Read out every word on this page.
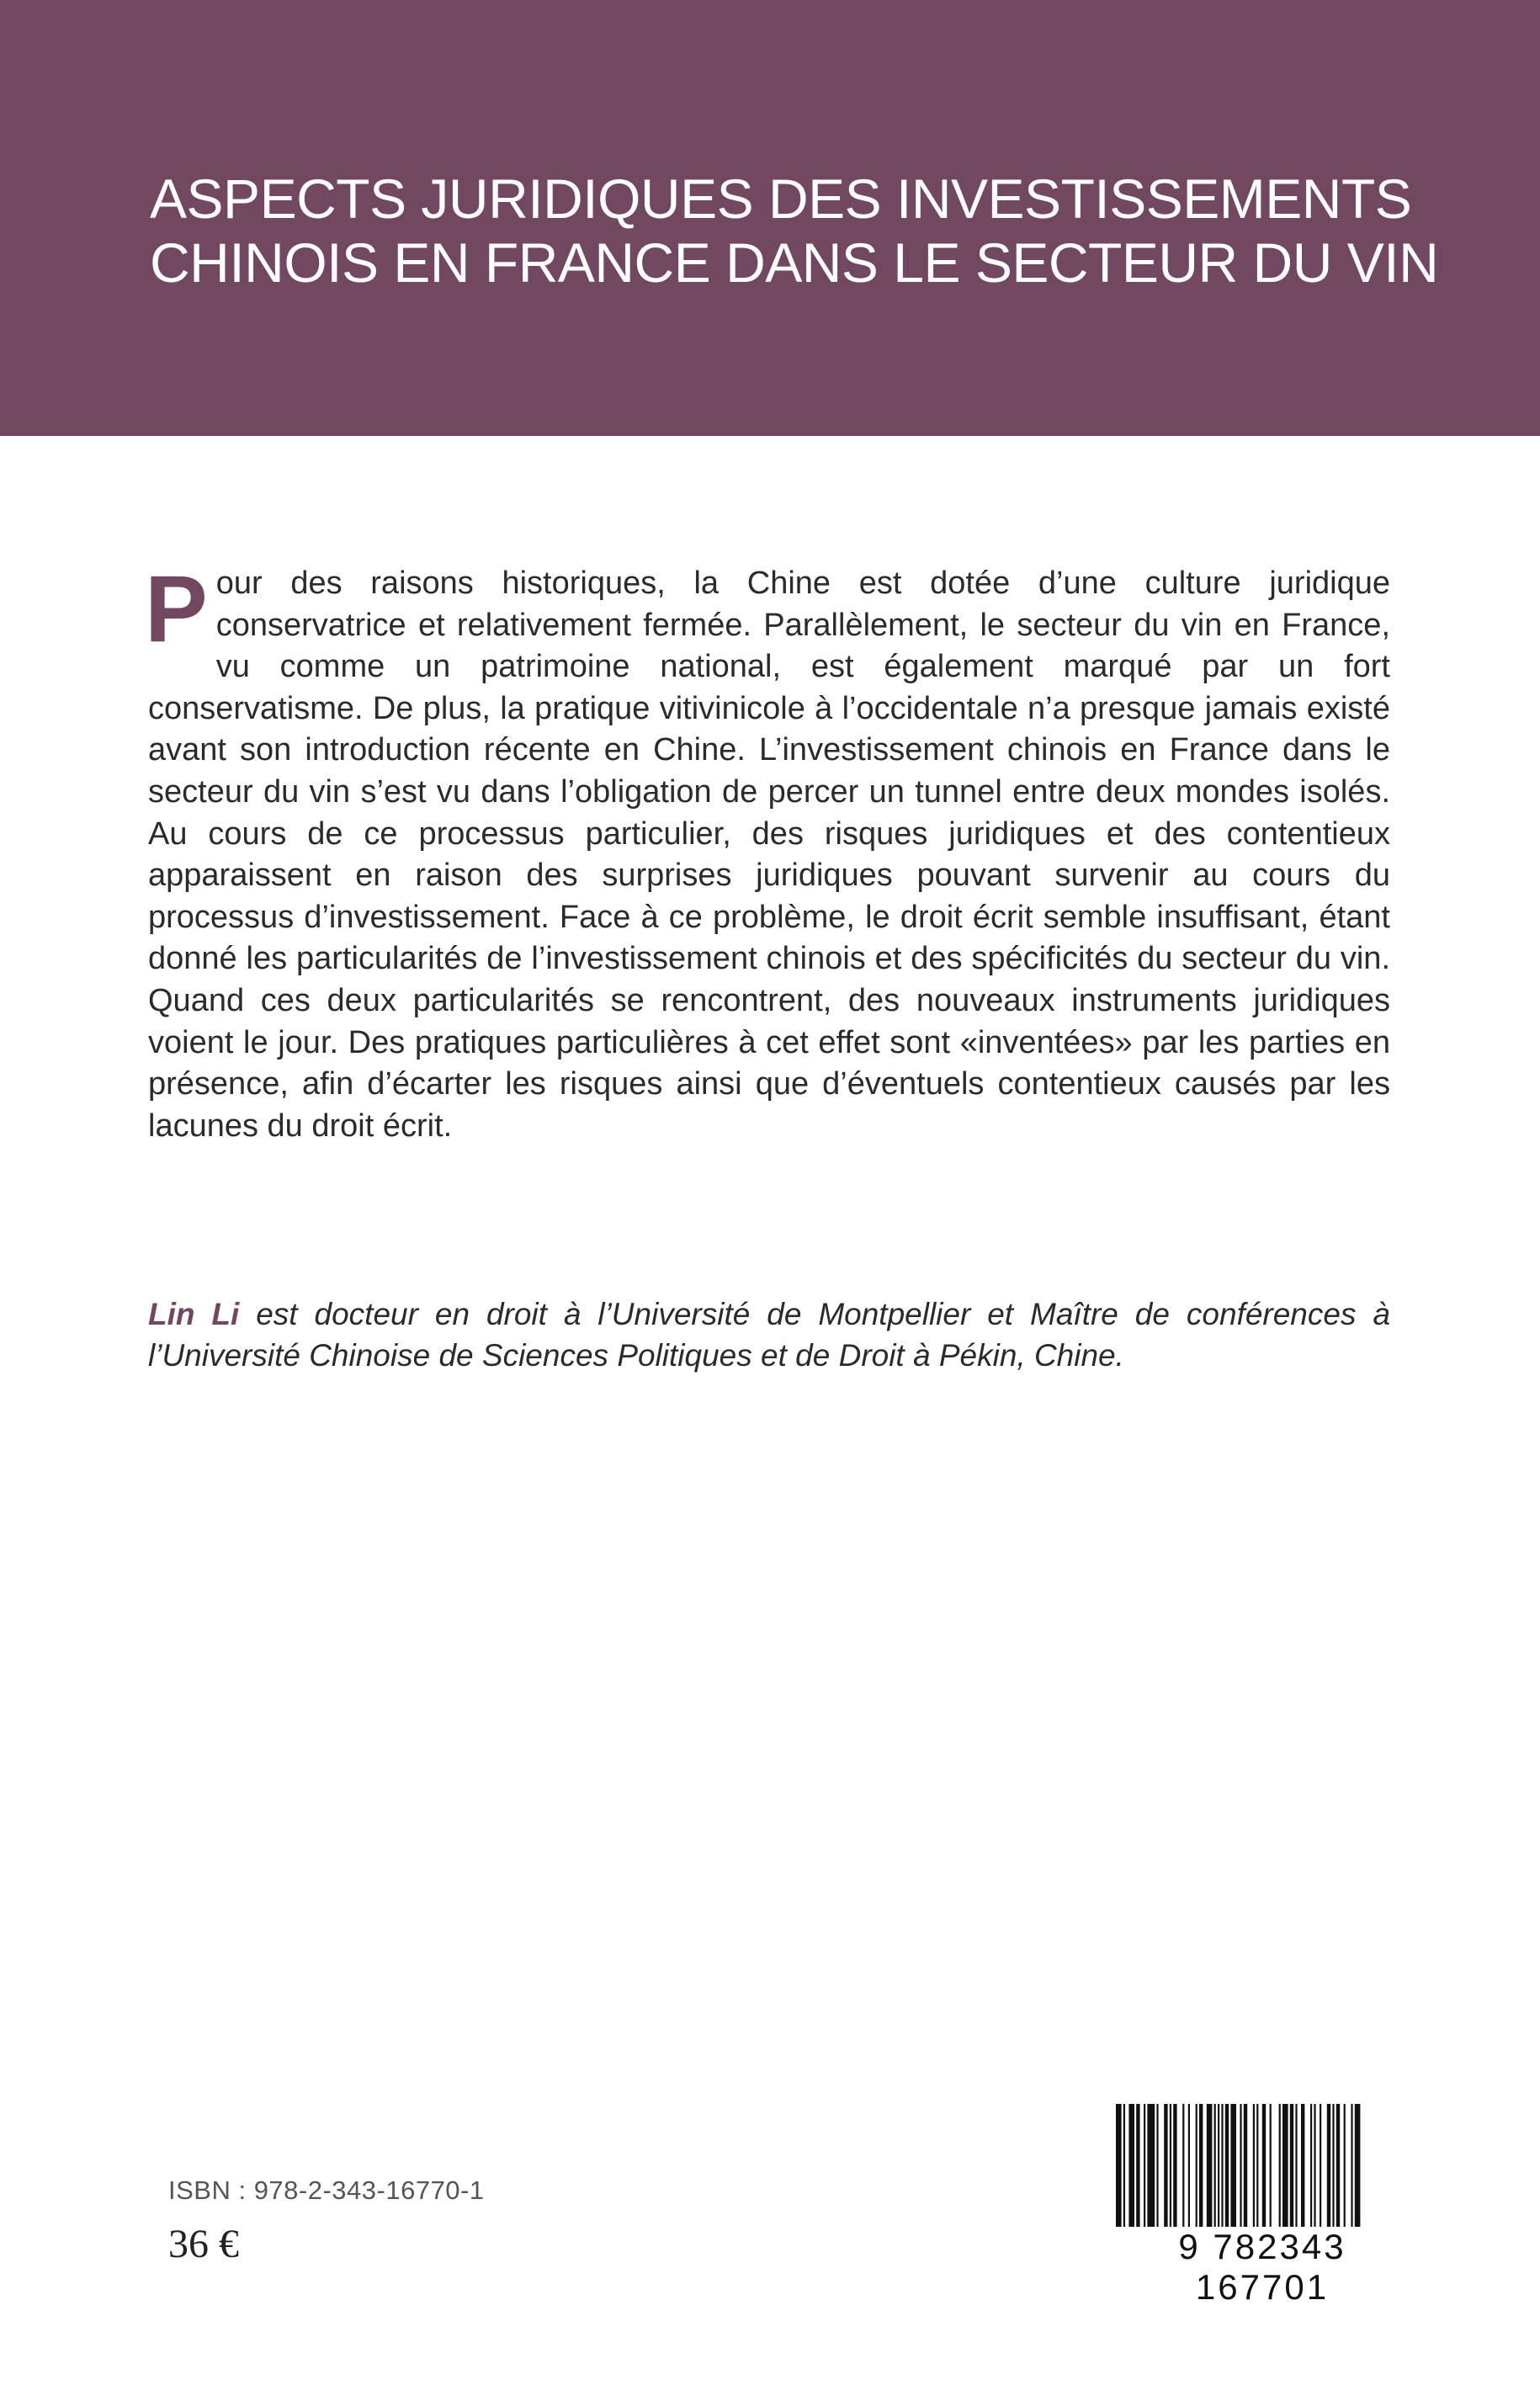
ASPECTS JURIDIQUES DES INVESTISSEMENTS
CHINOIS EN FRANCE DANS LE SECTEUR DU VIN

Pour des raisons historiques, la Chine est dotée d’une culture juridique conservatrice et relativement fermée. Parallèlement, le secteur du vin en France, vu comme un patrimoine national, est également marqué par un fort conservatisme. De plus, la pratique vitivinicole à l’occidentale n’a presque jamais existé avant son introduction récente en Chine. L’investissement chinois en France dans le secteur du vin s’est vu dans l’obligation de percer un tunnel entre deux mondes isolés. Au cours de ce processus particulier, des risques juridiques et des contentieux apparaissent en raison des surprises juridiques pouvant survenir au cours du processus d’investissement. Face à ce problème, le droit écrit semble insuffisant, étant donné les particularités de l’investissement chinois et des spécificités du secteur du vin. Quand ces deux particularités se rencontrent, des nouveaux instruments juridiques voient le jour. Des pratiques particulières à cet effet sont «inventées» par les parties en présence, afin d’écarter les risques ainsi que d’éventuels contentieux causés par les lacunes du droit écrit.

Lin Li est docteur en droit à l’Université de Montpellier et Maître de conférences à l’Université Chinoise de Sciences Politiques et de Droit à Pékin, Chine.

ISBN : 978-2-343-16770-1

36 €	9 782343 167701
